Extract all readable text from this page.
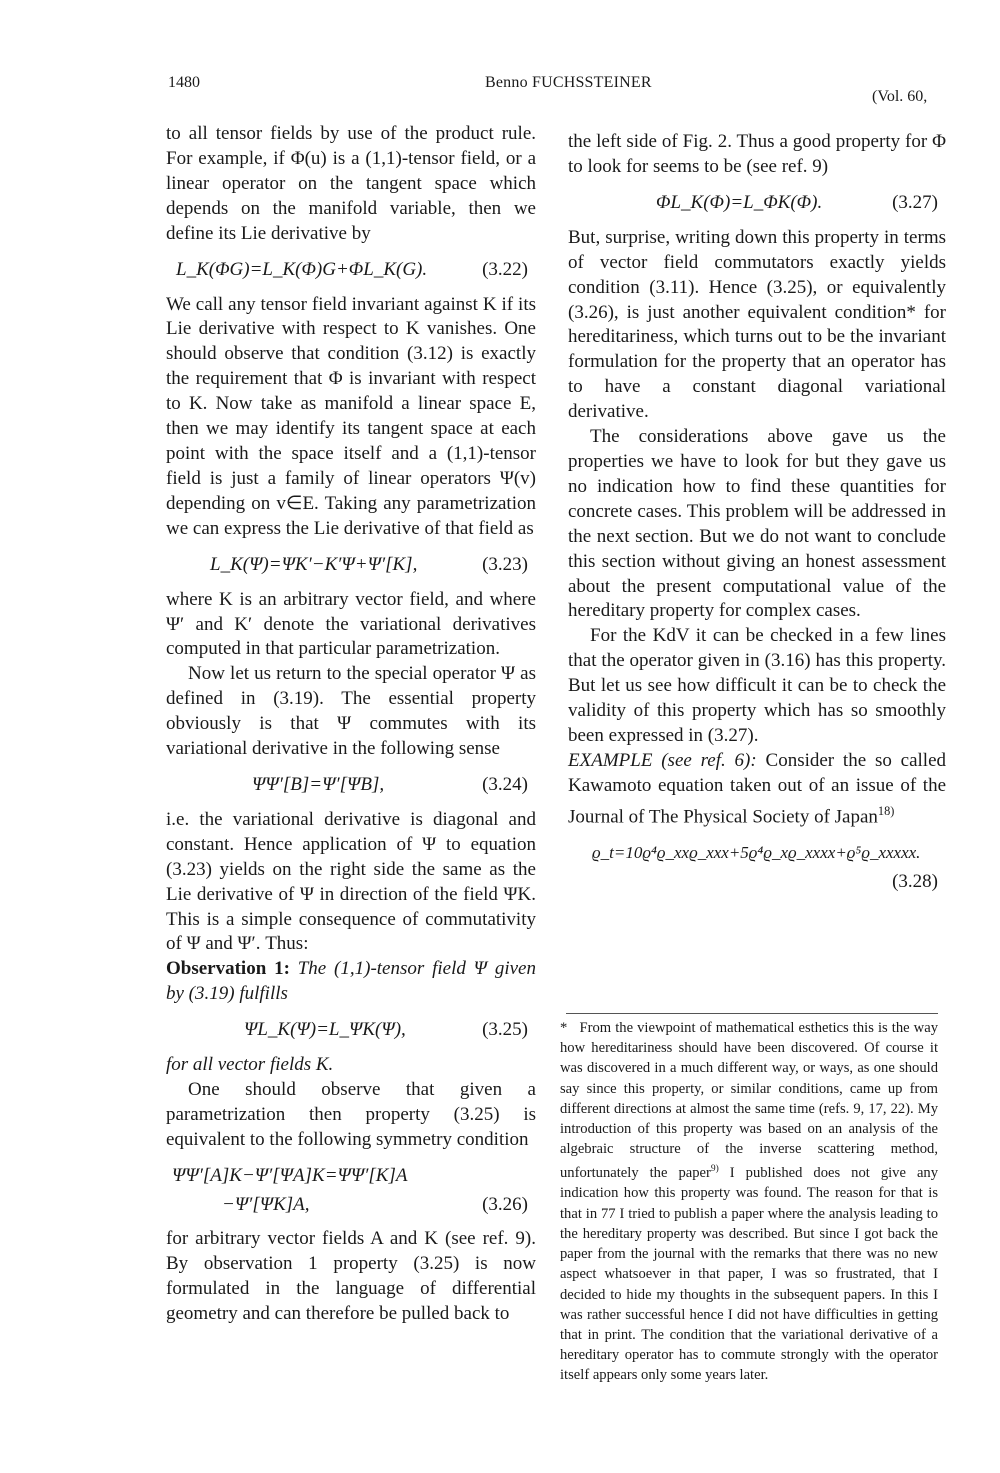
1480	Benno FUCHSSTEINER
(Vol. 60,

to all tensor fields by use of the product rule. For example, if Φ(u) is a (1,1)-tensor field, or a linear operator on the tangent space which depends on the manifold variable, then we define its Lie derivative by

L_K(ΦG)=L_K(Φ)G+ΦL_K(G).	(3.22)

We call any tensor field invariant against K if its Lie derivative with respect to K vanishes. One should observe that condition (3.12) is exactly the requirement that Φ is invariant with respect to K. Now take as manifold a linear space E, then we may identify its tangent space at each point with the space itself and a (1,1)-tensor field is just a family of linear operators Ψ(v) depending on v∈E. Taking any parametrization we can express the Lie derivative of that field as

L_K(Ψ)=ΨK′−K′Ψ+Ψ′[K],	(3.23)

where K is an arbitrary vector field, and where Ψ′ and K′ denote the variational derivatives computed in that particular parametrization.

Now let us return to the special operator Ψ as defined in (3.19). The essential property obviously is that Ψ commutes with its variational derivative in the following sense

ΨΨ′[B]=Ψ′[ΨB],	(3.24)

i.e. the variational derivative is diagonal and constant. Hence application of Ψ to equation (3.23) yields on the right side the same as the Lie derivative of Ψ in direction of the field ΨK. This is a simple consequence of commutativity of Ψ and Ψ′. Thus:

Observation 1: The (1,1)-tensor field Ψ given by (3.19) fulfills

ΨL_K(Ψ)=L_ΨK(Ψ),	(3.25)

for all vector fields K.

One should observe that given a parametrization then property (3.25) is equivalent to the following symmetry condition

ΨΨ′[A]K−Ψ′[ΨA]K=ΨΨ′[K]A
−Ψ′[ΨK]A,	(3.26)

for arbitrary vector fields A and K (see ref. 9). By observation 1 property (3.25) is now formulated in the language of differential geometry and can therefore be pulled back to

the left side of Fig. 2. Thus a good property for Φ to look for seems to be (see ref. 9)

ΦL_K(Φ)=L_ΦK(Φ).	(3.27)

But, surprise, writing down this property in terms of vector field commutators exactly yields condition (3.11). Hence (3.25), or equivalently (3.26), is just another equivalent condition* for hereditariness, which turns out to be the invariant formulation for the property that an operator has to have a constant diagonal variational derivative.

The considerations above gave us the properties we have to look for but they gave us no indication how to find these quantities for concrete cases. This problem will be addressed in the next section. But we do not want to conclude this section without giving an honest assessment about the present computational value of the hereditary property for complex cases.

For the KdV it can be checked in a few lines that the operator given in (3.16) has this property. But let us see how difficult it can be to check the validity of this property which has so smoothly been expressed in (3.27).

EXAMPLE (see ref. 6): Consider the so called Kawamoto equation taken out of an issue of the Journal of The Physical Society of Japan$^{18)}$

ϱ_t=10ϱ⁴ϱ_xxϱ_xxx+5ϱ⁴ϱ_xϱ_xxxx+ϱ⁵ϱ_xxxxx.
(3.28)

* From the viewpoint of mathematical esthetics this is the way how hereditariness should have been discovered. Of course it was discovered in a much different way, or ways, as one should say since this property, or similar conditions, came up from different directions at almost the same time (refs. 9, 17, 22). My introduction of this property was based on an analysis of the algebraic structure of the inverse scattering method, unfortunately the paper$^{9)}$ I published does not give any indication how this property was found. The reason for that is that in 77 I tried to publish a paper where the analysis leading to the hereditary property was described. But since I got back the paper from the journal with the remarks that there was no new aspect whatsoever in that paper, I was so frustrated, that I decided to hide my thoughts in the subsequent papers. In this I was rather successful hence I did not have difficulties in getting that in print. The condition that the variational derivative of a hereditary operator has to commute strongly with the operator itself appears only some years later.
